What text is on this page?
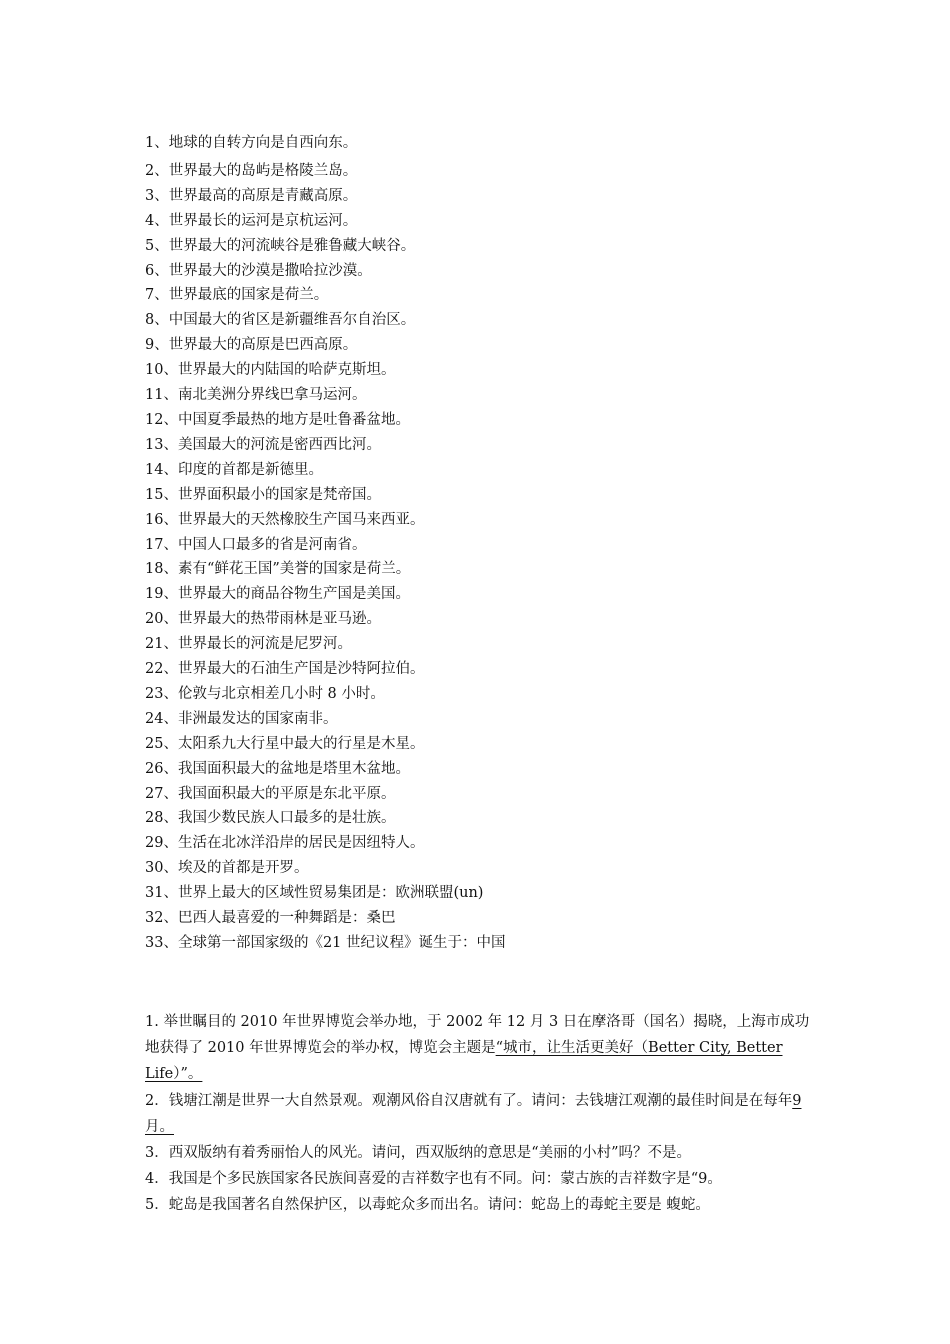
1、地球的自转方向是自西向东。
2、世界最大的岛屿是格陵兰岛。
3、世界最高的高原是青藏高原。
4、世界最长的运河是京杭运河。
5、世界最大的河流峡谷是雅鲁藏大峡谷。
6、世界最大的沙漠是撒哈拉沙漠。
7、世界最底的国家是荷兰。
8、中国最大的省区是新疆维吾尔自治区。
9、世界最大的高原是巴西高原。
10、世界最大的内陆国的哈萨克斯坦。
11、南北美洲分界线巴拿马运河。
12、中国夏季最热的地方是吐鲁番盆地。
13、美国最大的河流是密西西比河。
14、印度的首都是新德里。
15、世界面积最小的国家是梵帝国。
16、世界最大的天然橡胶生产国马来西亚。
17、中国人口最多的省是河南省。
18、素有“鲜花王国”美誉的国家是荷兰。
19、世界最大的商品谷物生产国是美国。
20、世界最大的热带雨林是亚马逊。
21、世界最长的河流是尼罗河。
22、世界最大的石油生产国是沙特阿拉伯。
23、伦敦与北京相差几小时 8 小时。
24、非洲最发达的国家南非。
25、太阳系九大行星中最大的行星是木星。
26、我国面积最大的盆地是塔里木盆地。
27、我国面积最大的平原是东北平原。
28、我国少数民族人口最多的是壮族。
29、生活在北冰洋沿岸的居民是因纽特人。
30、埃及的首都是开罗。
31、世界上最大的区域性贸易集团是：欧洲联盟(un)
32、巴西人最喜爱的一种舞蹈是：桑巴
33、全球第一部国家级的《21 世纪议程》诞生于：中国

1. 举世瞩目的 2010 年世界博览会举办地，于 2002 年 12 月 3 日在摩洛哥（国名）揭晓，上海市成功地获得了 2010 年世界博览会的举办权，博览会主题是“城市，让生活更美好（Better City, Better Life）”。

2．钱塘江潮是世界一大自然景观。观潮风俗自汉唐就有了。请问：去钱塘江观潮的最佳时间是在每年9 月。

3．西双版纳有着秀丽怡人的风光。请问，西双版纳的意思是“美丽的小村”吗？不是。

4．我国是个多民族国家各民族间喜爱的吉祥数字也有不同。问：蒙古族的吉祥数字是“9。

5．蛇岛是我国著名自然保护区，以毒蛇众多而出名。请问：蛇岛上的毒蛇主要是 蝮蛇。
